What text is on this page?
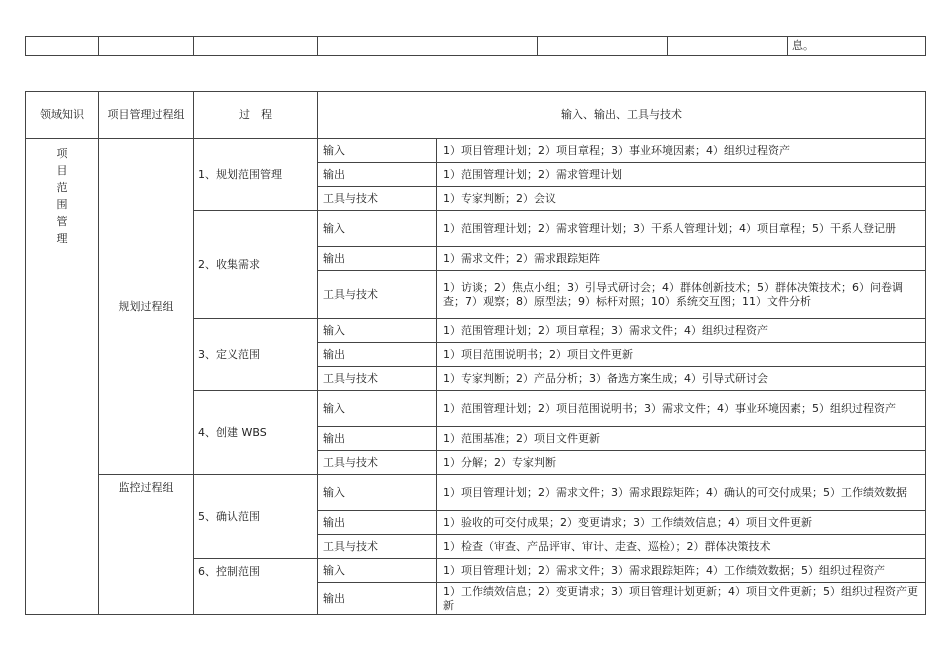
						息。
领域知识	项目管理过程组	过　程	输入、输出、工具与技术	

项目范围管理	规划过程组	1、规划范围管理	输入	1）项目管理计划；2）项目章程；3）事业环境因素；4）组织过程资产
			输出	1）范围管理计划；2）需求管理计划
			工具与技术	1）专家判断；2）会议
		2、收集需求	输入	1）范围管理计划；2）需求管理计划；3）干系人管理计划；4）项目章程；5）干系人登记册
			输出	1）需求文件；2）需求跟踪矩阵
			工具与技术	1）访谈；2）焦点小组；3）引导式研讨会；4）群体创新技术；5）群体决策技术；6）问卷调查；7）观察；8）原型法；9）标杆对照；10）系统交互图；11）文件分析
		3、定义范围	输入	1）范围管理计划；2）项目章程；3）需求文件；4）组织过程资产
			输出	1）项目范围说明书；2）项目文件更新
			工具与技术	1）专家判断；2）产品分析；3）备选方案生成；4）引导式研讨会
		4、创建 WBS	输入	1）范围管理计划；2）项目范围说明书；3）需求文件；4）事业环境因素；5）组织过程资产
			输出	1）范围基准；2）项目文件更新
			工具与技术	1）分解；2）专家判断

	监控过程组	5、确认范围	输入	1）项目管理计划；2）需求文件；3）需求跟踪矩阵；4）确认的可交付成果；5）工作绩效数据
			输出	1）验收的可交付成果；2）变更请求；3）工作绩效信息；4）项目文件更新
			工具与技术	1）检查（审查、产品评审、审计、走查、巡检）；2）群体决策技术

		6、控制范围	输入	1）项目管理计划；2）需求文件；3）需求跟踪矩阵；4）工作绩效数据；5）组织过程资产
			输出	1）工作绩效信息；2）变更请求；3）项目管理计划更新；4）项目文件更新；5）组织过程资产更新
